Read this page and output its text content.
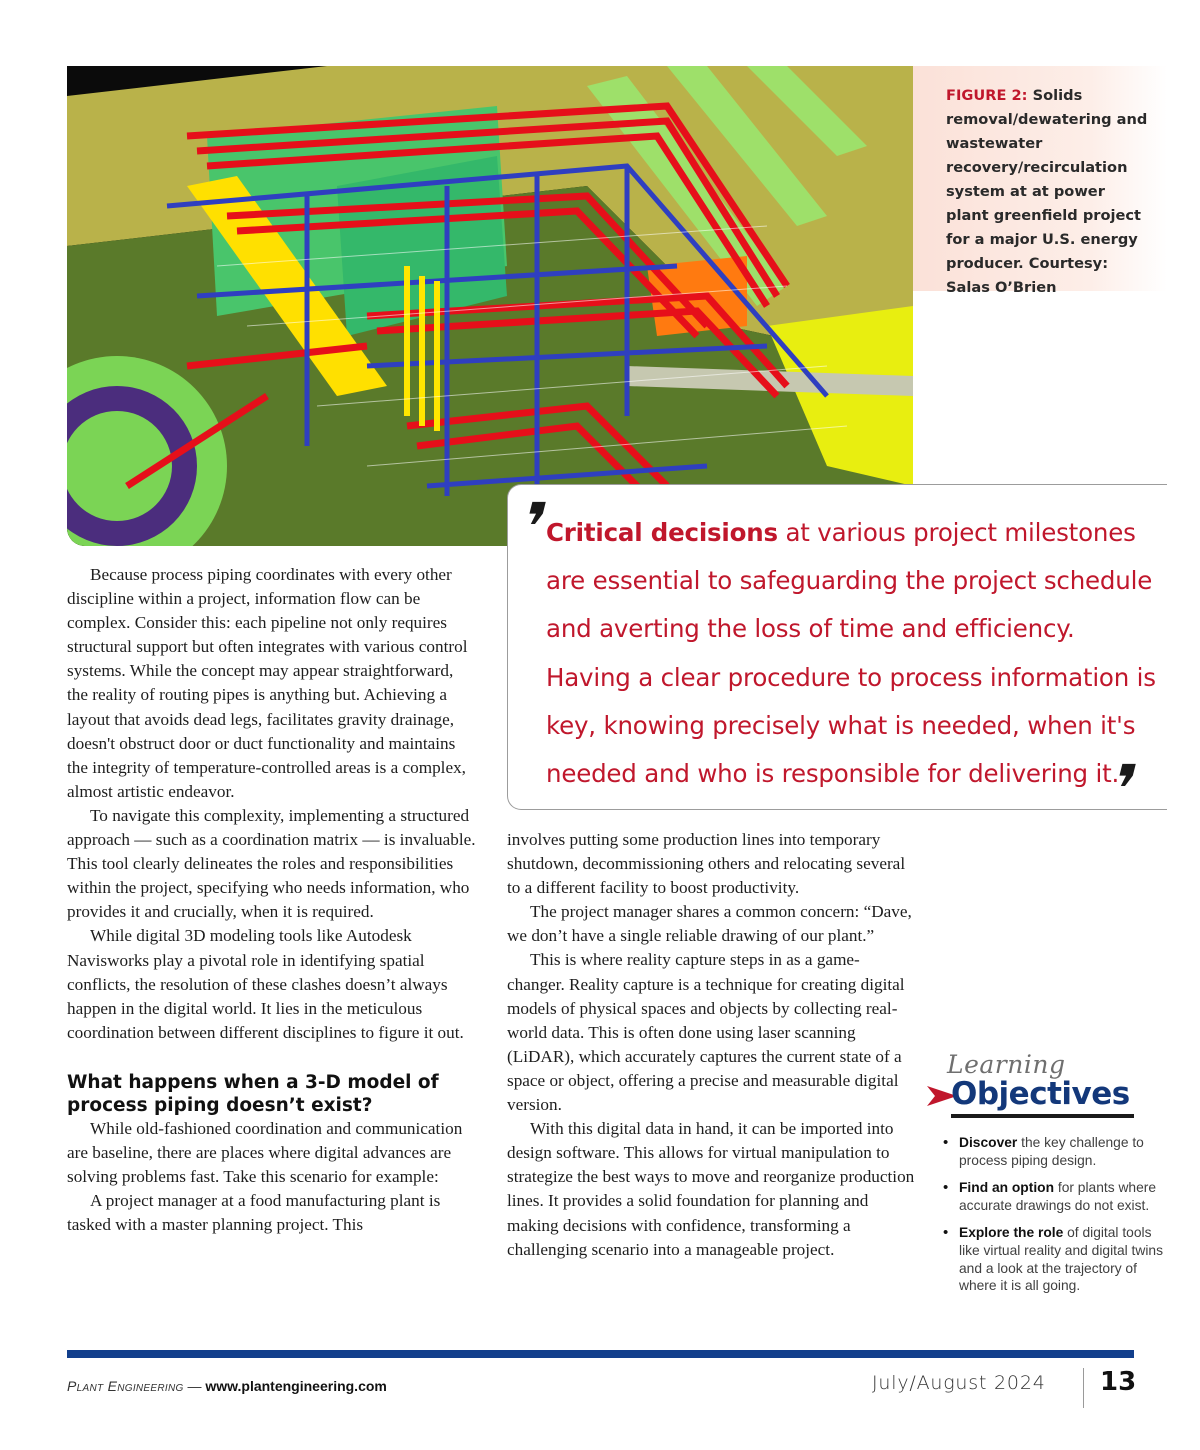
FIGURE 2: Solids removal/dewatering and wastewater recovery/recirculation system at at power plant greenfield project for a major U.S. energy producer. Courtesy: Salas O’Brien
❜
Critical decisions at various project milestones are essential to safeguarding the project schedule and averting the loss of time and efficiency. Having a clear procedure to process information is key, knowing precisely what is needed, when it's needed and who is responsible for delivering it.
❜

Because process piping coordinates with every other discipline within a project, information flow can be complex. Consider this: each pipeline not only requires structural support but often integrates with various control systems. While the concept may appear straightforward, the reality of routing pipes is anything but. Achieving a layout that avoids dead legs, facilitates gravity drainage, doesn't obstruct door or duct functionality and maintains the integrity of temperature-controlled areas is a complex, almost artistic endeavor.

To navigate this complexity, implementing a structured approach — such as a coordination matrix — is invaluable. This tool clearly delineates the roles and responsibilities within the project, specifying who needs information, who provides it and crucially, when it is required.

While digital 3D modeling tools like Autodesk Navisworks play a pivotal role in identifying spatial conflicts, the resolution of these clashes doesn’t always happen in the digital world. It lies in the meticulous coordination between different disciplines to figure it out.

What happens when a 3-D model of process piping doesn’t exist?

While old-fashioned coordination and communication are baseline, there are places where digital advances are solving problems fast. Take this scenario for example:

A project manager at a food manufacturing plant is tasked with a master planning project. This

involves putting some production lines into temporary shutdown, decommissioning others and relocating several to a different facility to boost productivity.

The project manager shares a common concern: “Dave, we don’t have a single reliable drawing of our plant.”

This is where reality capture steps in as a game-changer. Reality capture is a technique for creating digital models of physical spaces and objects by collecting real-world data. This is often done using laser scanning (LiDAR), which accurately captures the current state of a space or object, offering a precise and measurable digital version.

With this digital data in hand, it can be imported into design software. This allows for virtual manipulation to strategize the best ways to move and reorganize production lines. It provides a solid foundation for planning and making decisions with confidence, transforming a challenging scenario into a manageable project.

Learning
Objectives
• Discover the key challenge to process piping design.
• Find an option for plants where accurate drawings do not exist.
• Explore the role of digital tools like virtual reality and digital twins and a look at the trajectory of where it is all going.
Plant Engineering — www.plantengineering.com	July/August 2024 13
